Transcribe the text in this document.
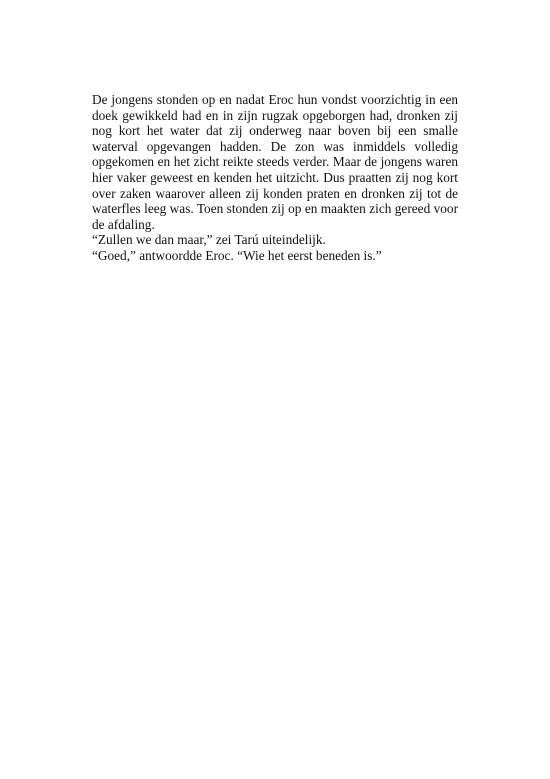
De jongens stonden op en nadat Eroc hun vondst voorzichtig in een doek gewikkeld had en in zijn rugzak opgeborgen had, dronken zij nog kort het water dat zij onderweg naar boven bij een smalle waterval opgevangen hadden. De zon was inmiddels volledig opgekomen en het zicht reikte steeds verder. Maar de jongens waren hier vaker geweest en kenden het uitzicht. Dus praatten zij nog kort over zaken waarover alleen zij konden praten en dronken zij tot de waterfles leeg was. Toen stonden zij op en maakten zich gereed voor de afdaling.

“Zullen we dan maar,” zei Tarú uiteindelijk.

“Goed,” antwoordde Eroc. “Wie het eerst beneden is.”
